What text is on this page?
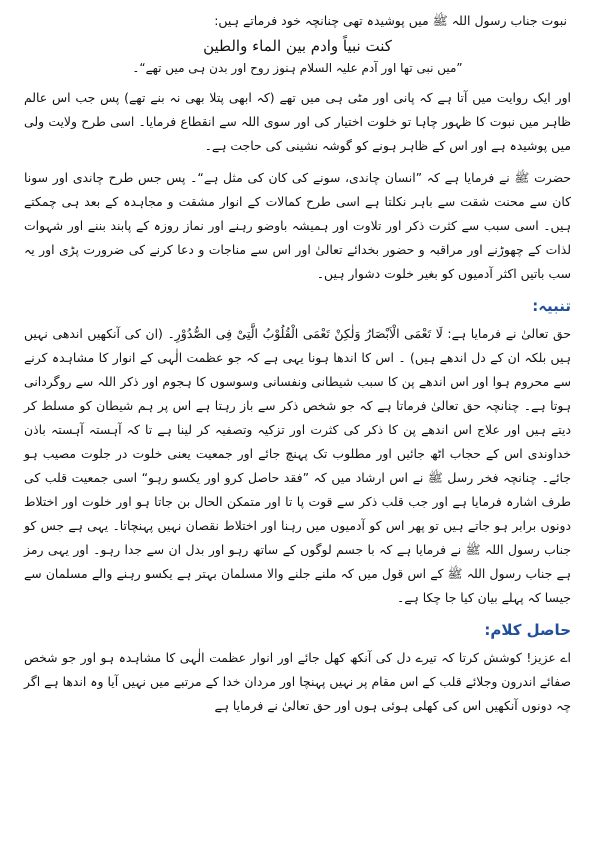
نبوت جناب رسول اللہ ﷺ میں پوشیدہ تھی چنانچہ خود فرماتے ہیں:

كنت نبياً وادم بين الماء والطين

”میں نبی تھا اور آدم علیہ السلام ہنوز روح اور بدن ہی میں تھے“۔

اور ایک روایت میں آتا ہے کہ پانی اور مٹی ہی میں تھے (کہ ابھی پتلا بھی نہ بنے تھے) پس جب اس عالم ظاہر میں نبوت کا ظہور چاہا تو خلوت اختیار کی اور سوی اللہ سے انقطاع فرمایا۔ اسی طرح ولایت ولی میں پوشیدہ ہے اور اس کے ظاہر ہونے کو گوشہ نشینی کی حاجت ہے۔

حضرت ﷺ نے فرمایا ہے کہ ”انسان چاندی، سونے کی کان کی مثل ہے“۔ پس جس طرح چاندی اور سونا کان سے محنت شقت سے باہر نکلتا ہے اسی طرح کمالات کے انوار مشقت و مجاہدہ کے بعد ہی چمکتے ہیں۔ اسی سبب سے کثرت ذکر اور تلاوت اور ہمیشہ باوضو رہنے اور نماز روزہ کے پابند بننے اور شہوات لذات کے چھوڑنے اور مراقبہ و حضور بخدائے تعالیٰ اور اس سے مناجات و دعا کرنے کی ضرورت پڑی اور یہ سب باتیں اکثر آدمیوں کو بغیر خلوت دشوار ہیں۔

تنبیہ:

حق تعالیٰ نے فرمایا ہے: لَا تَعْمَى الْاَبْصَارُ وَلٰكِنْ تَعْمَى الْقُلُوْبُ الَّتِىْ فِى الصُّدُوْرِ۔ (ان کی آنکھیں اندھی نہیں ہیں بلکہ ان کے دل اندھے ہیں) ۔ اس کا اندھا ہونا یہی ہے کہ جو عظمت الٰہی کے انوار کا مشاہدہ کرنے سے محروم ہوا اور اس اندھے پن کا سبب شیطانی ونفسانی وسوسوں کا ہجوم اور ذکر اللہ سے روگردانی ہوتا ہے۔ چنانچہ حق تعالیٰ فرماتا ہے کہ جو شخص ذکر سے باز رہتا ہے اس پر ہم شیطان کو مسلط کر دیتے ہیں اور علاج اس اندھے پن کا ذکر کی کثرت اور تزکیہ وتصفیہ کر لینا ہے تا کہ آہستہ آہستہ باذن خداوندی اس کے حجاب اٹھ جائیں اور مطلوب تک پہنچ جائے اور جمعیت یعنی خلوت در جلوت مصیب ہو جائے۔ چنانچہ فخر رسل ﷺ نے اس ارشاد میں کہ ”فقد حاصل کرو اور یکسو رہو“ اسی جمعیت قلب کی طرف اشارہ فرمایا ہے اور جب قلب ذکر سے قوت پا تا اور متمکن الحال بن جاتا ہو اور خلوت اور اختلاط دونوں برابر ہو جاتے ہیں تو پھر اس کو آدمیوں میں رہنا اور اختلاط نقصان نہیں پہنچاتا۔ یہی ہے جس کو جناب رسول اللہ ﷺ نے فرمایا ہے کہ با جسم لوگوں کے ساتھ رہو اور بدل ان سے جدا رہو۔ اور یہی رمز ہے جناب رسول اللہ ﷺ کے اس قول میں کہ ملنے جلنے والا مسلمان بہتر ہے یکسو رہنے والے مسلمان سے جیسا کہ پہلے بیان کیا جا چکا ہے۔

حاصل کلام:

اے عزیز! کوشش کرتا کہ تیرے دل کی آنکھ کھل جائے اور انوار عظمت الٰہی کا مشاہدہ ہو اور جو شخص صفائے اندرون وجلائے قلب کے اس مقام پر نہیں پہنچا اور مردان خدا کے مرتبے میں نہیں آیا وہ اندھا ہے اگر چہ دونوں آنکھیں اس کی کھلی ہوئی ہوں اور حق تعالیٰ نے فرمایا ہے
